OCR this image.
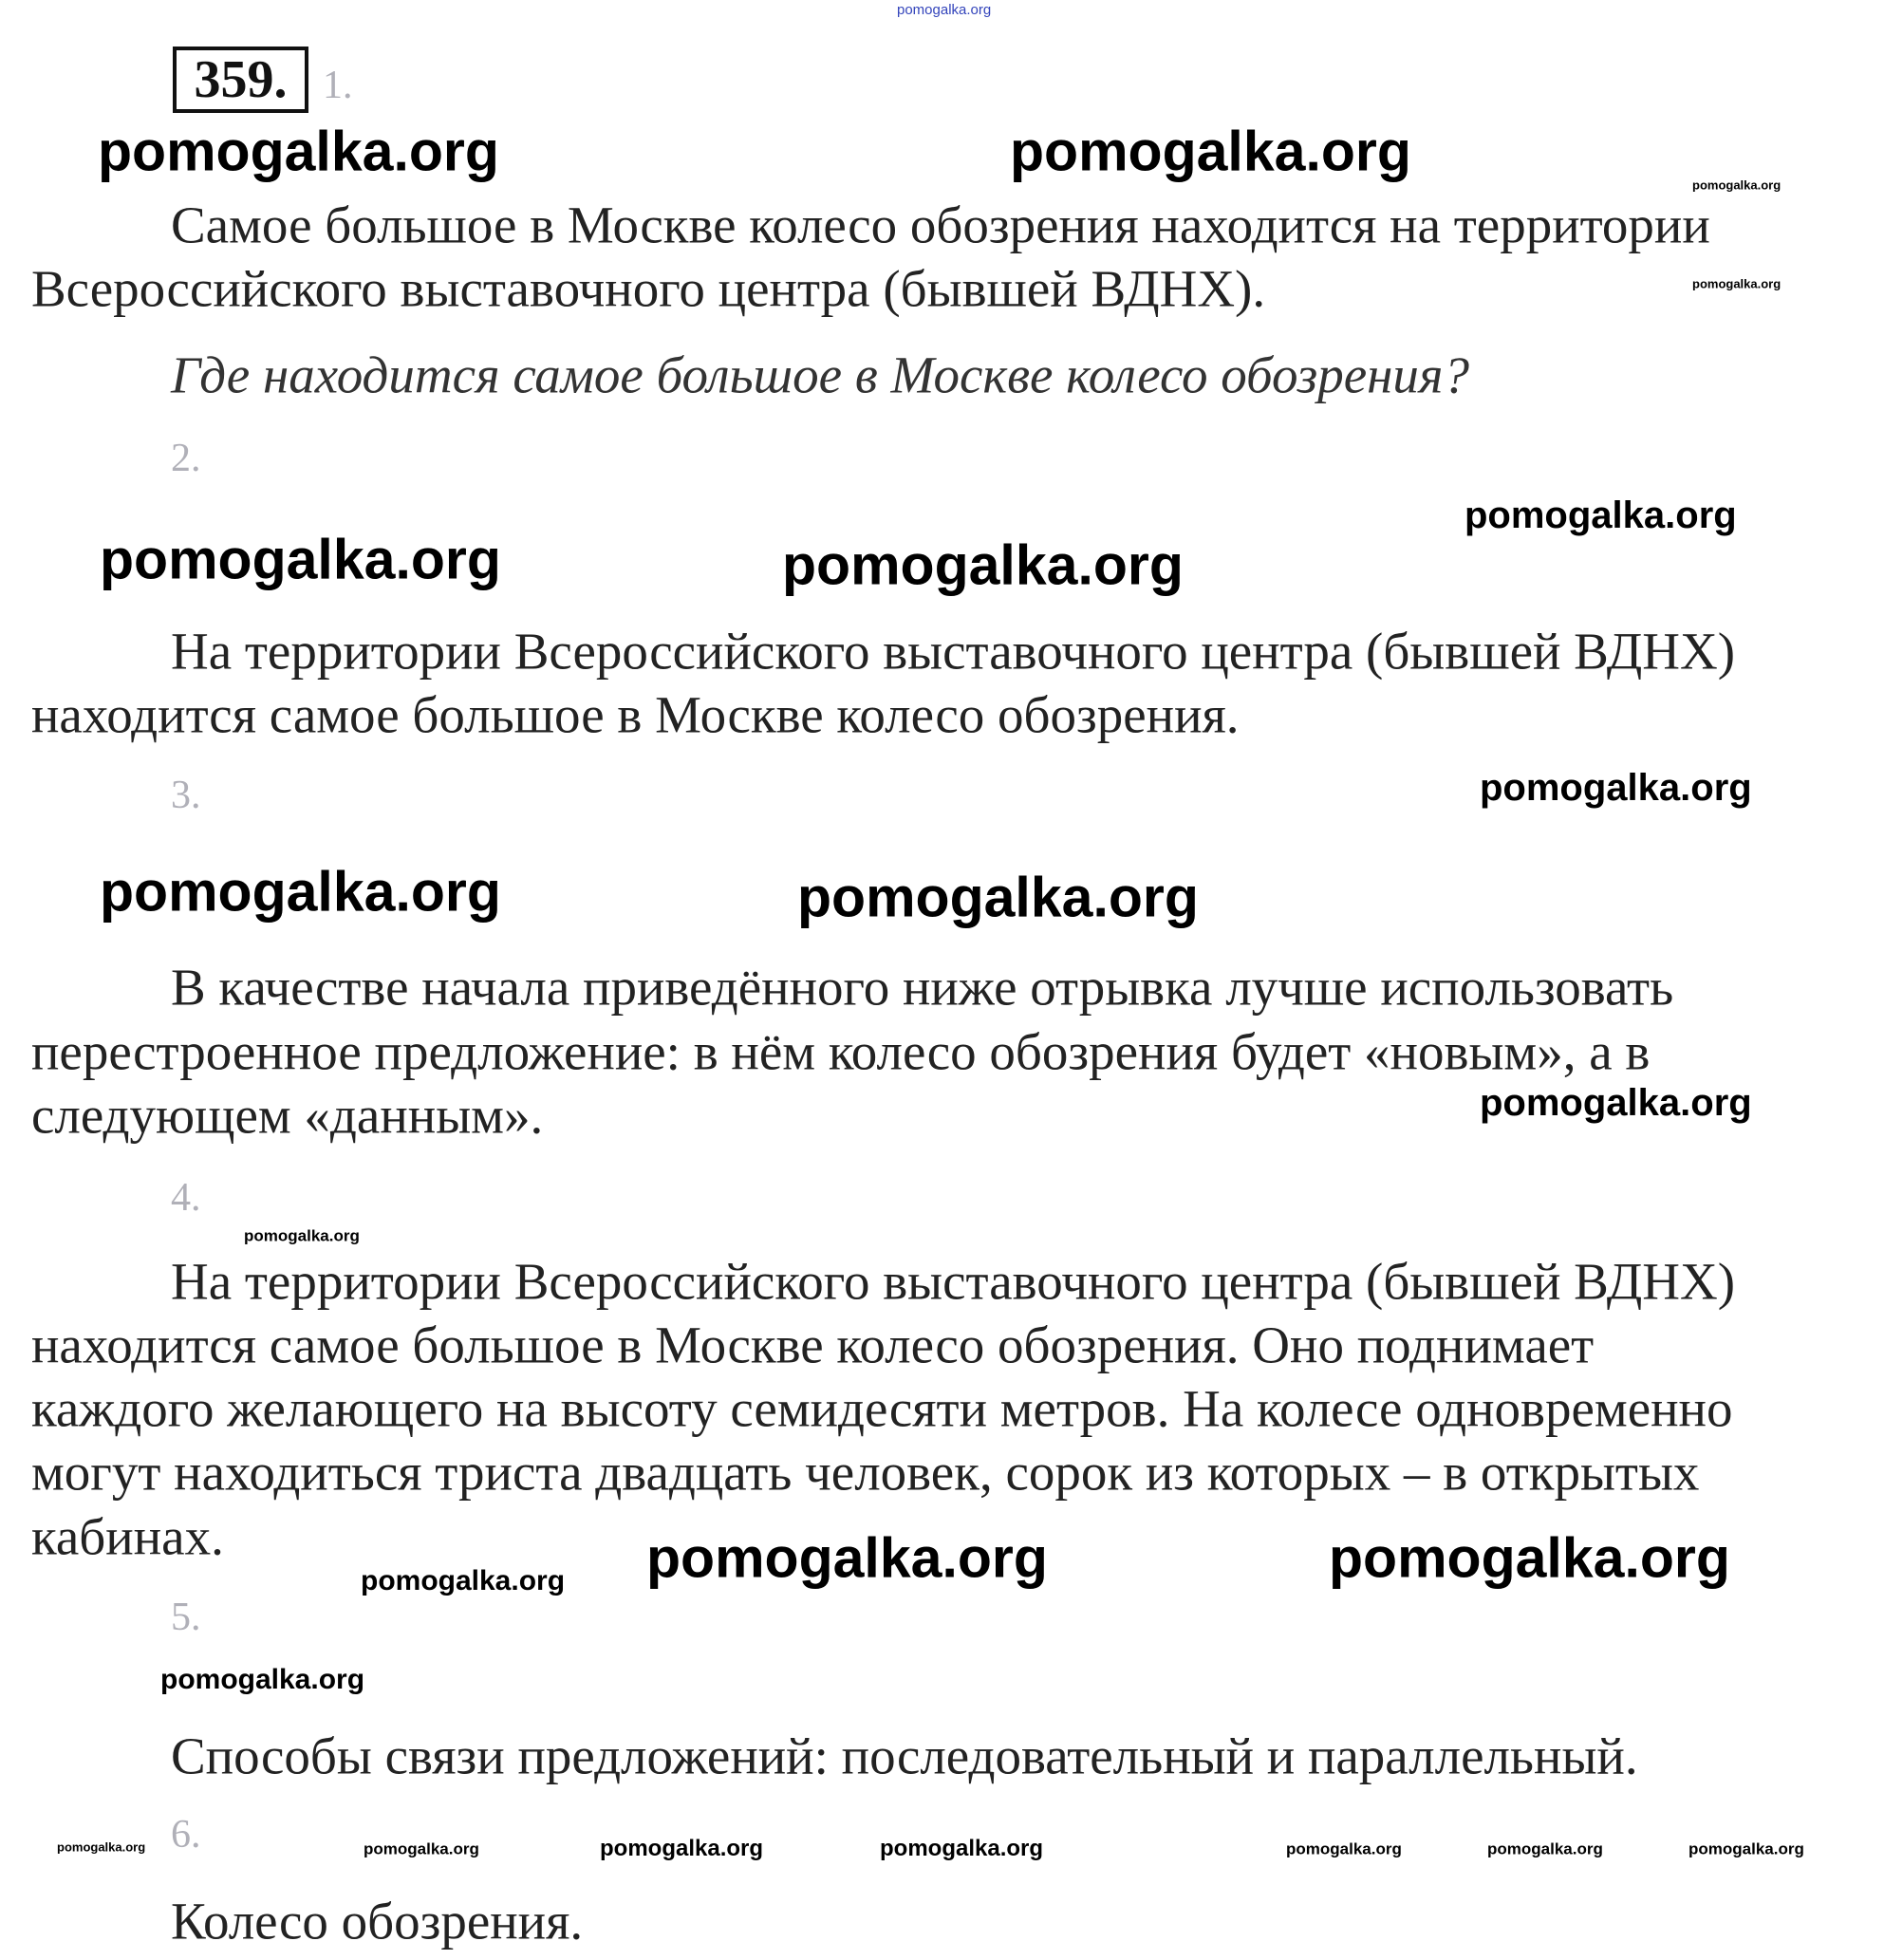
pomogalka.org
359. 1.
Самое большое в Москве колесо обозрения находится на территории
Всероссийского выставочного центра (бывшей ВДНХ).
Где находится самое большое в Москве колесо обозрения?
2.
На территории Всероссийского выставочного центра (бывшей ВДНХ)
находится самое большое в Москве колесо обозрения.
3.
В качестве начала приведённого ниже отрывка лучше использовать
перестроенное предложение: в нём колесо обозрения будет «новым», а в
следующем «данным».
4.
На территории Всероссийского выставочного центра (бывшей ВДНХ)
находится самое большое в Москве колесо обозрения. Оно поднимает
каждого желающего на высоту семидесяти метров. На колесе одновременно
могут находиться триста двадцать человек, сорок из которых – в открытых
кабинах.
5.
Способы связи предложений: последовательный и параллельный.
6.
Колесо обозрения.
pomogalka.org	pomogalka.org
pomogalka.org	pomogalka.org
pomogalka.org	pomogalka.org
pomogalka.org	pomogalka.org
pomogalka.org
pomogalka.org
pomogalka.org
pomogalka.org
pomogalka.org
pomogalka.org
pomogalka.org
pomogalka.org
pomogalka.org	pomogalka.org	pomogalka.org	pomogalka.org	pomogalka.org	pomogalka.org	pomogalka.org
